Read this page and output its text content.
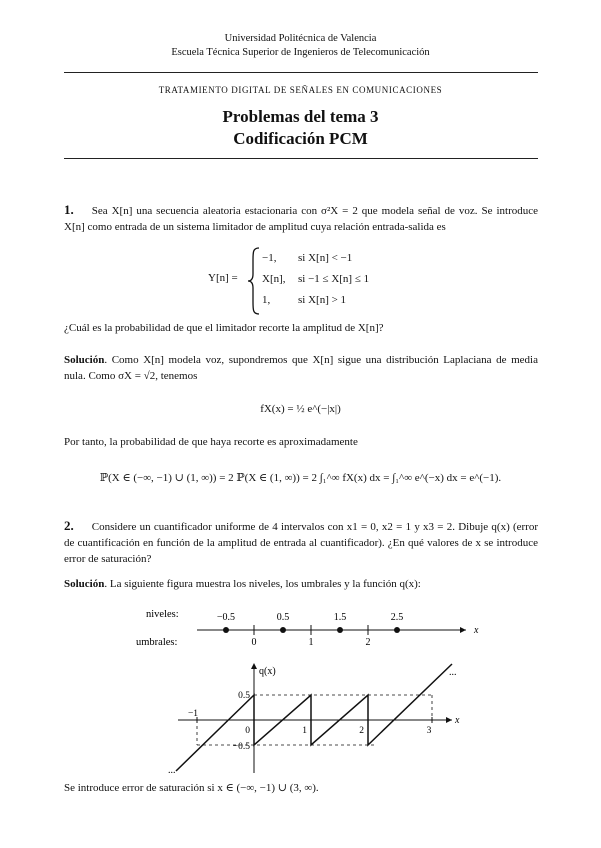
Universidad Politécnica de Valencia
Escuela Técnica Superior de Ingenieros de Telecomunicación
TRATAMIENTO DIGITAL DE SEÑALES EN COMUNICACIONES
Problemas del tema 3
Codificación PCM
1. Sea X[n] una secuencia aleatoria estacionaria con σ²X = 2 que modela señal de voz. Se introduce X[n] como entrada de un sistema limitador de amplitud cuya relación entrada-salida es
Y[n] =
−1, si X[n] < −1
X[n], si −1 ≤ X[n] ≤ 1
1,	si X[n] > 1
¿Cuál es la probabilidad de que el limitador recorte la amplitud de X[n]?
Solución. Como X[n] modela voz, supondremos que X[n] sigue una distribución Laplaciana de media nula. Como σX = √2, tenemos
fX(x) = ½ e^(−|x|)
Por tanto, la probabilidad de que haya recorte es aproximadamente
ℙ(X ∈ (−∞, −1) ∪ (1, ∞)) = 2 ℙ(X ∈ (1, ∞)) = 2 ∫₁^∞ fX(x) dx = ∫₁^∞ e^(−x) dx = e^(−1).
2. Considere un cuantificador uniforme de 4 intervalos con x1 = 0, x2 = 1 y x3 = 2. Dibuje q(x) (error de cuantificación en función de la amplitud de entrada al cuantificador). ¿En qué valores de x se introduce error de saturación?
Solución. La siguiente figura muestra los niveles, los umbrales y la función q(x):
niveles:
umbrales:
x
−0.5	0.5	1.5	2.5
0	1	2
x
q(x)
−1
0	1	2	3
0.5
−0.5
...
...
Se introduce error de saturación si x ∈ (−∞, −1) ∪ (3, ∞).
